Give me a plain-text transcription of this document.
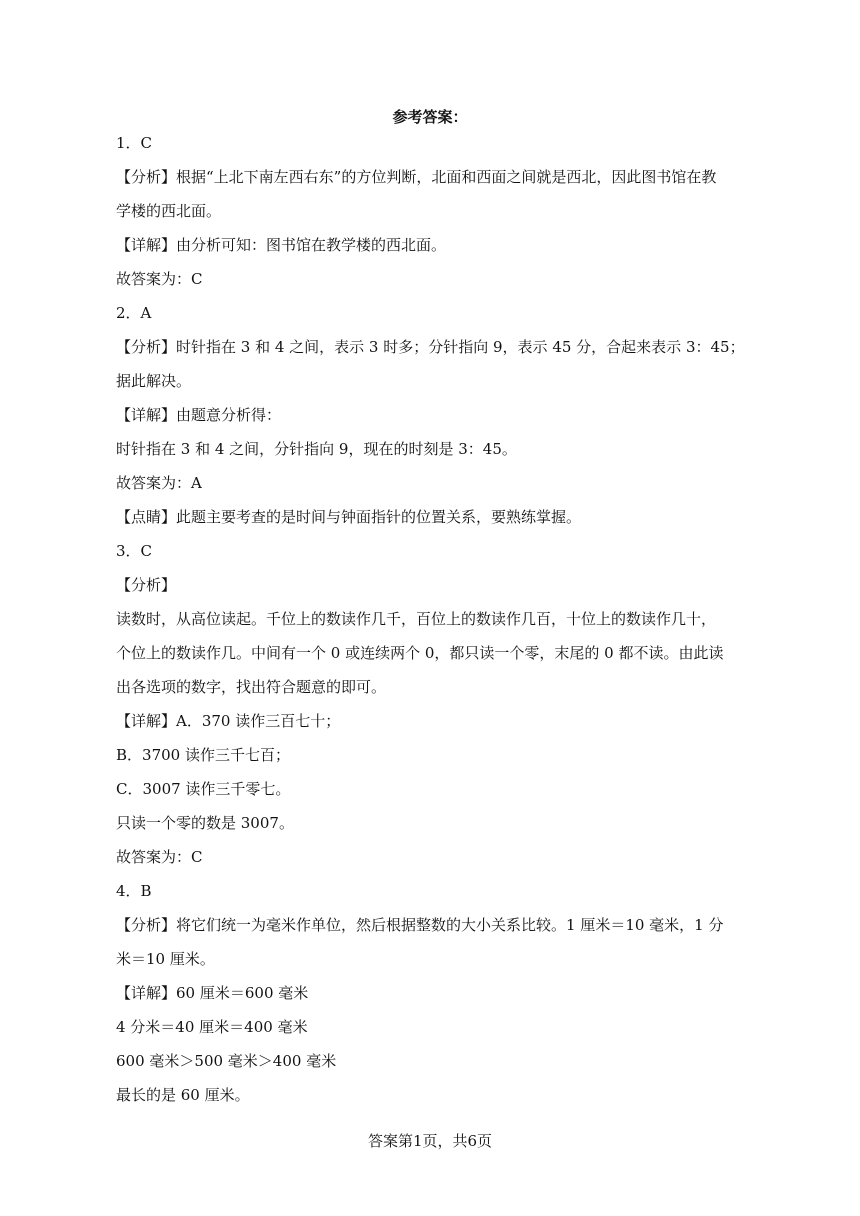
参考答案：
1．C
【分析】根据“上北下南左西右东”的方位判断，北面和西面之间就是西北，因此图书馆在教
学楼的西北面。
【详解】由分析可知：图书馆在教学楼的西北面。
故答案为：C
2．A
【分析】时针指在 3 和 4 之间，表示 3 时多；分针指向 9，表示 45 分，合起来表示 3：45；
据此解决。
【详解】由题意分析得：
时针指在 3 和 4 之间，分针指向 9，现在的时刻是 3：45。
故答案为：A
【点睛】此题主要考查的是时间与钟面指针的位置关系，要熟练掌握。
3．C
【分析】
读数时，从高位读起。千位上的数读作几千，百位上的数读作几百，十位上的数读作几十，
个位上的数读作几。中间有一个 0 或连续两个 0，都只读一个零，末尾的 0 都不读。由此读
出各选项的数字，找出符合题意的即可。
【详解】A．370 读作三百七十；
B．3700 读作三千七百；
C．3007 读作三千零七。
只读一个零的数是 3007。
故答案为：C
4．B
【分析】将它们统一为毫米作单位，然后根据整数的大小关系比较。1 厘米＝10 毫米，1 分
米＝10 厘米。
【详解】60 厘米＝600 毫米
4 分米＝40 厘米＝400 毫米
600 毫米＞500 毫米＞400 毫米
最长的是 60 厘米。
答案第1页，共6页
